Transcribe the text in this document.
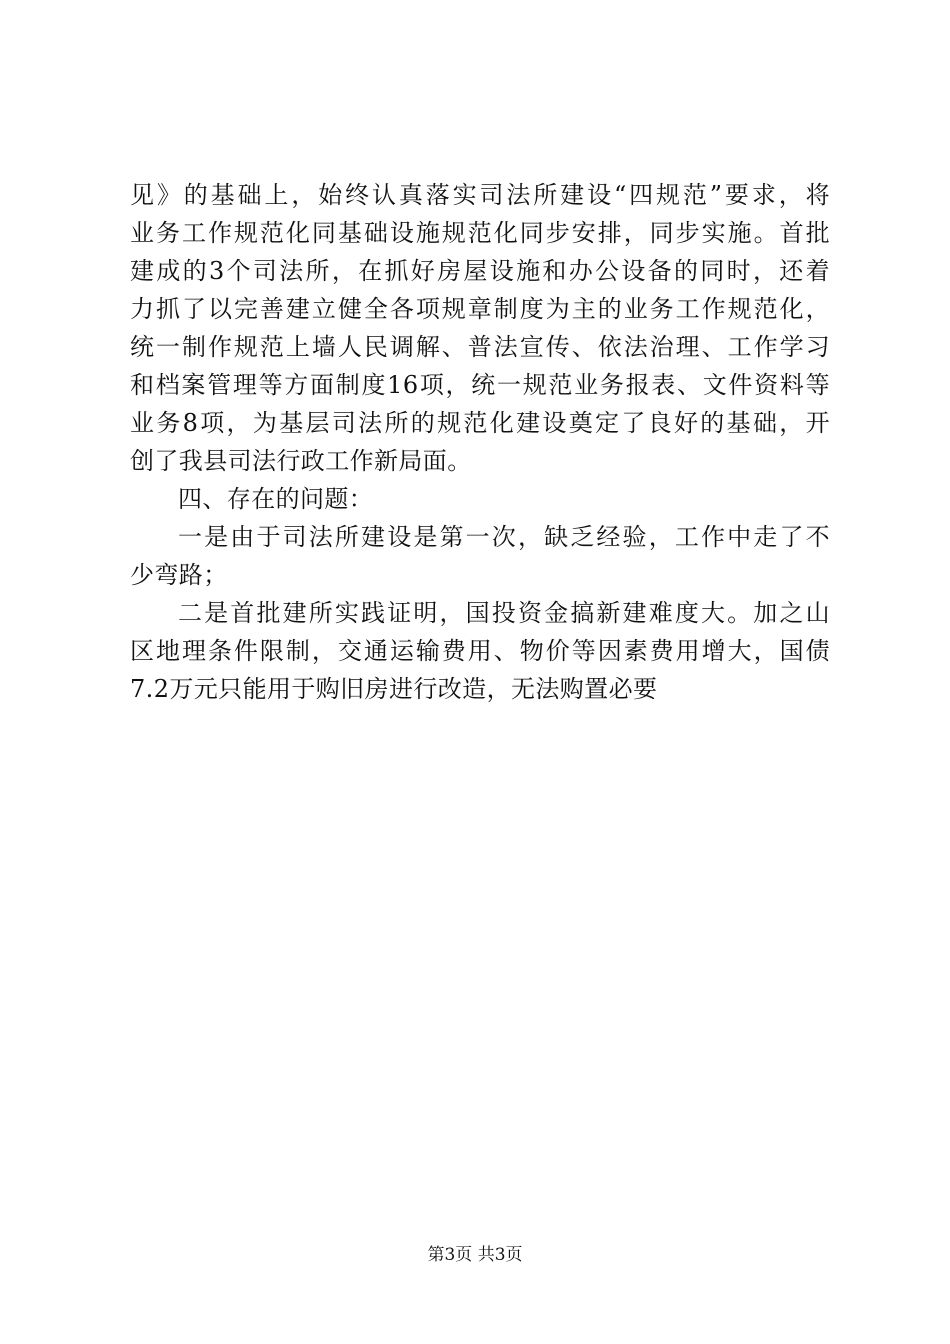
见》的基础上，始终认真落实司法所建设“四规范”要求，将
业务工作规范化同基础设施规范化同步安排，同步实施。首批
建成的3个司法所，在抓好房屋设施和办公设备的同时，还着
力抓了以完善建立健全各项规章制度为主的业务工作规范化，
统一制作规范上墙人民调解、普法宣传、依法治理、工作学习
和档案管理等方面制度16项，统一规范业务报表、文件资料等
业务8项，为基层司法所的规范化建设奠定了良好的基础，开
创了我县司法行政工作新局面。
四、存在的问题：
一是由于司法所建设是第一次，缺乏经验，工作中走了不
少弯路；
二是首批建所实践证明，国投资金搞新建难度大。加之山
区地理条件限制，交通运输费用、物价等因素费用增大，国债
7.2万元只能用于购旧房进行改造，无法购置必要
第3页 共3页
